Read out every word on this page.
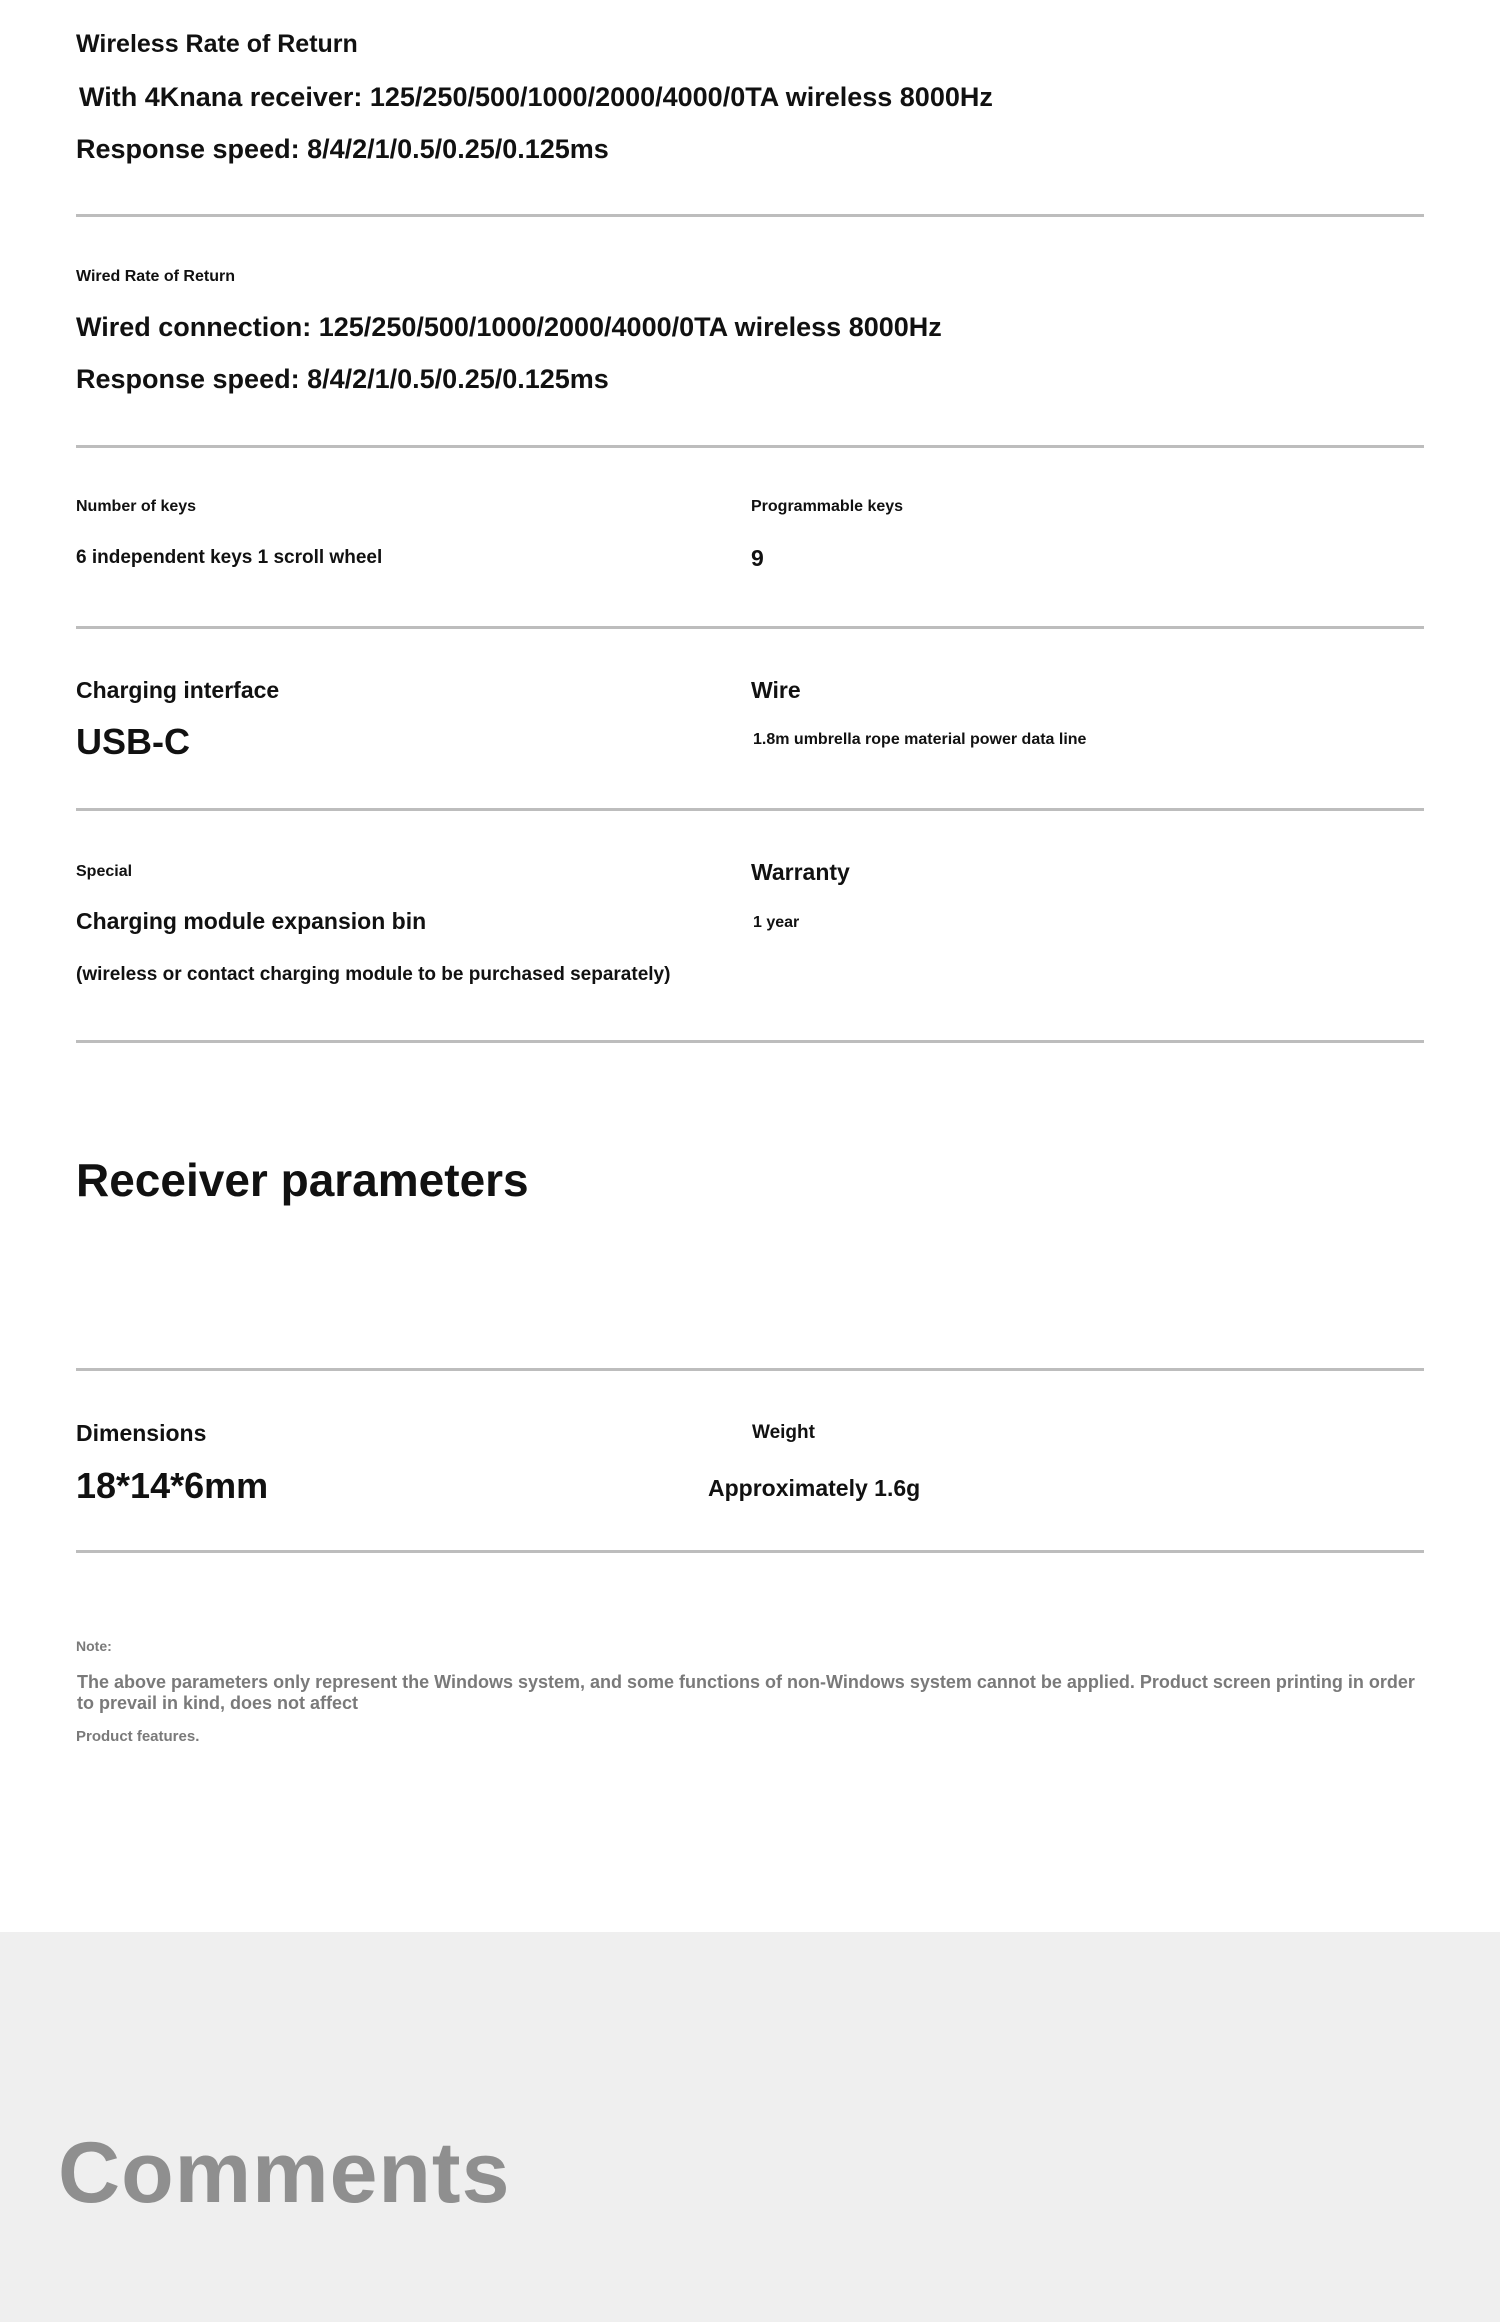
Wireless Rate of Return
With 4Knana receiver: 125/250/500/1000/2000/4000/0TA wireless 8000Hz
Response speed: 8/4/2/1/0.5/0.25/0.125ms
Wired Rate of Return
Wired connection: 125/250/500/1000/2000/4000/0TA wireless 8000Hz
Response speed: 8/4/2/1/0.5/0.25/0.125ms
Number of keys
6 independent keys 1 scroll wheel
Programmable keys
9
Charging interface
USB-C
Wire
1.8m umbrella rope material power data line
Special
Charging module expansion bin
(wireless or contact charging module to be purchased separately)
Warranty
1 year
Receiver parameters
Dimensions
18*14*6mm
Weight
Approximately 1.6g
Note:
The above parameters only represent the Windows system, and some functions of non-Windows system cannot be applied. Product screen printing in order to prevail in kind, does not affect
Product features.
Comments
